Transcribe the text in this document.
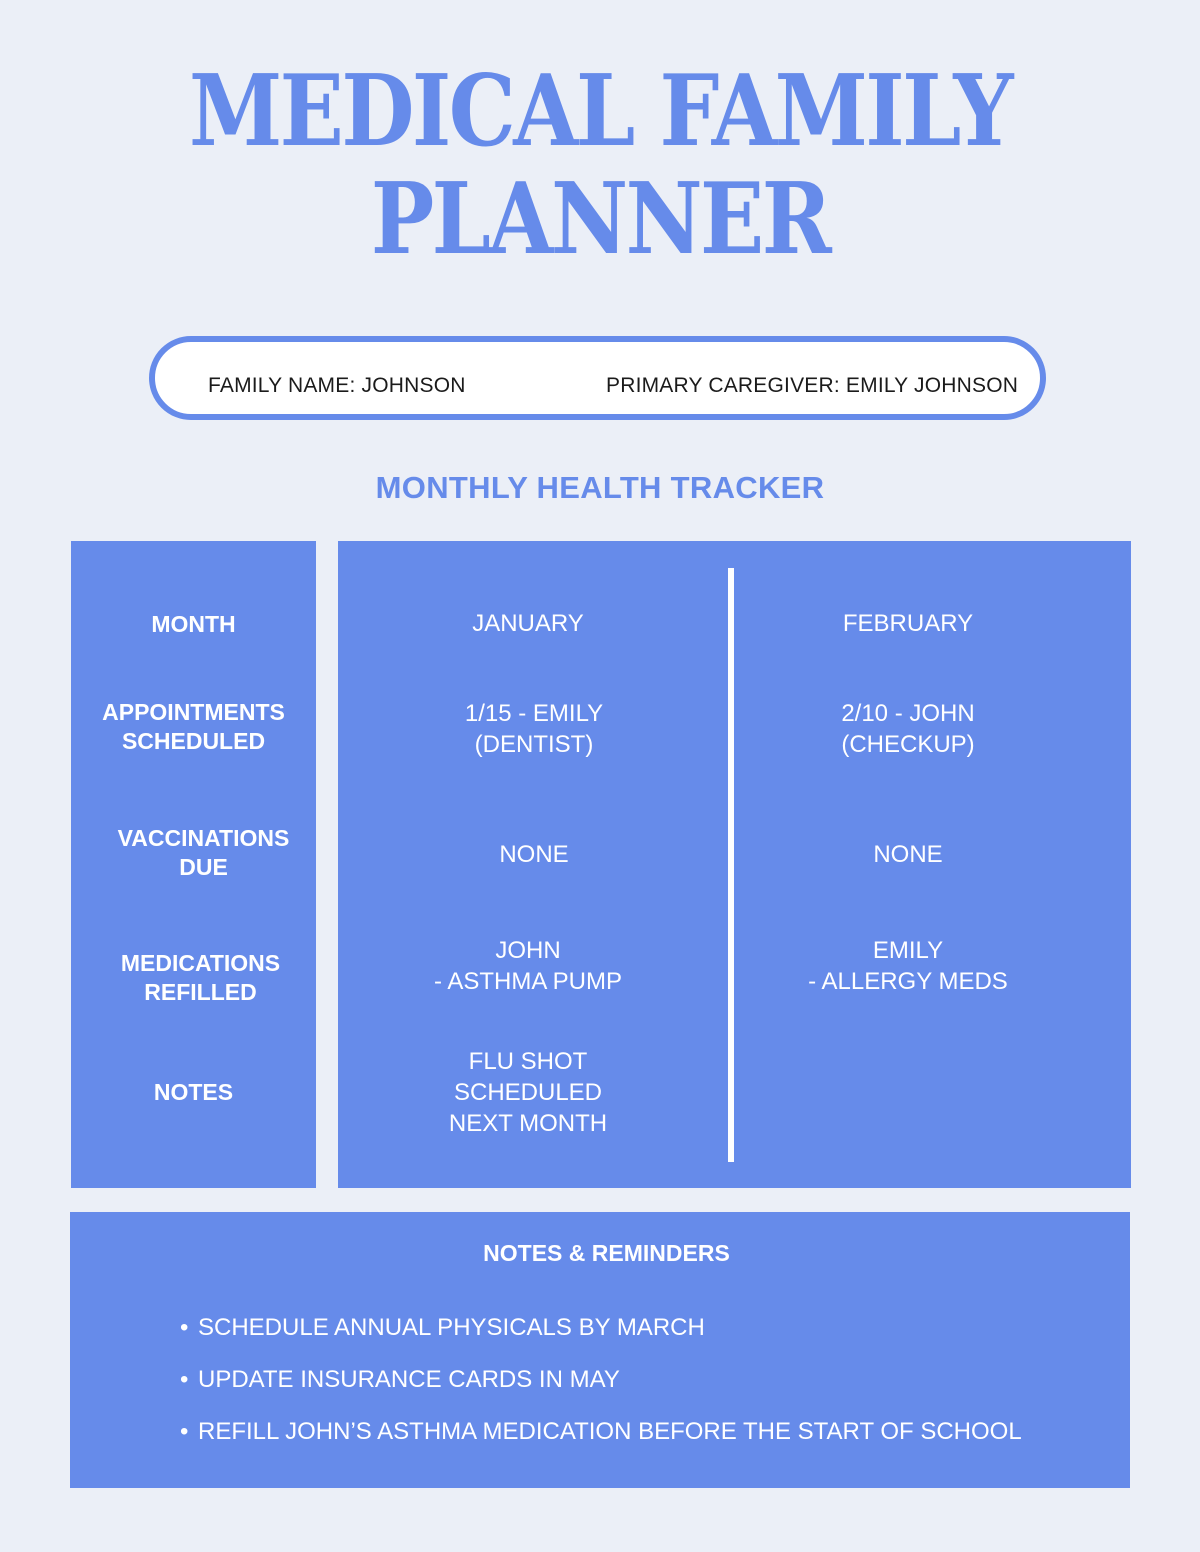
MEDICAL FAMILY
PLANNER
FAMILY NAME: JOHNSON	PRIMARY CAREGIVER: EMILY JOHNSON
MONTHLY HEALTH TRACKER
MONTH
APPOINTMENTS
SCHEDULED
VACCINATIONS
DUE
MEDICATIONS
REFILLED
NOTES
JANUARY
1/15 - EMILY
(DENTIST)
NONE
JOHN
- ASTHMA PUMP
FLU SHOT
SCHEDULED
NEXT MONTH
FEBRUARY
2/10 - JOHN
(CHECKUP)
NONE
EMILY
- ALLERGY MEDS
NOTES & REMINDERS
• SCHEDULE ANNUAL PHYSICALS BY MARCH
• UPDATE INSURANCE CARDS IN MAY
• REFILL JOHN’S ASTHMA MEDICATION BEFORE THE START OF SCHOOL
